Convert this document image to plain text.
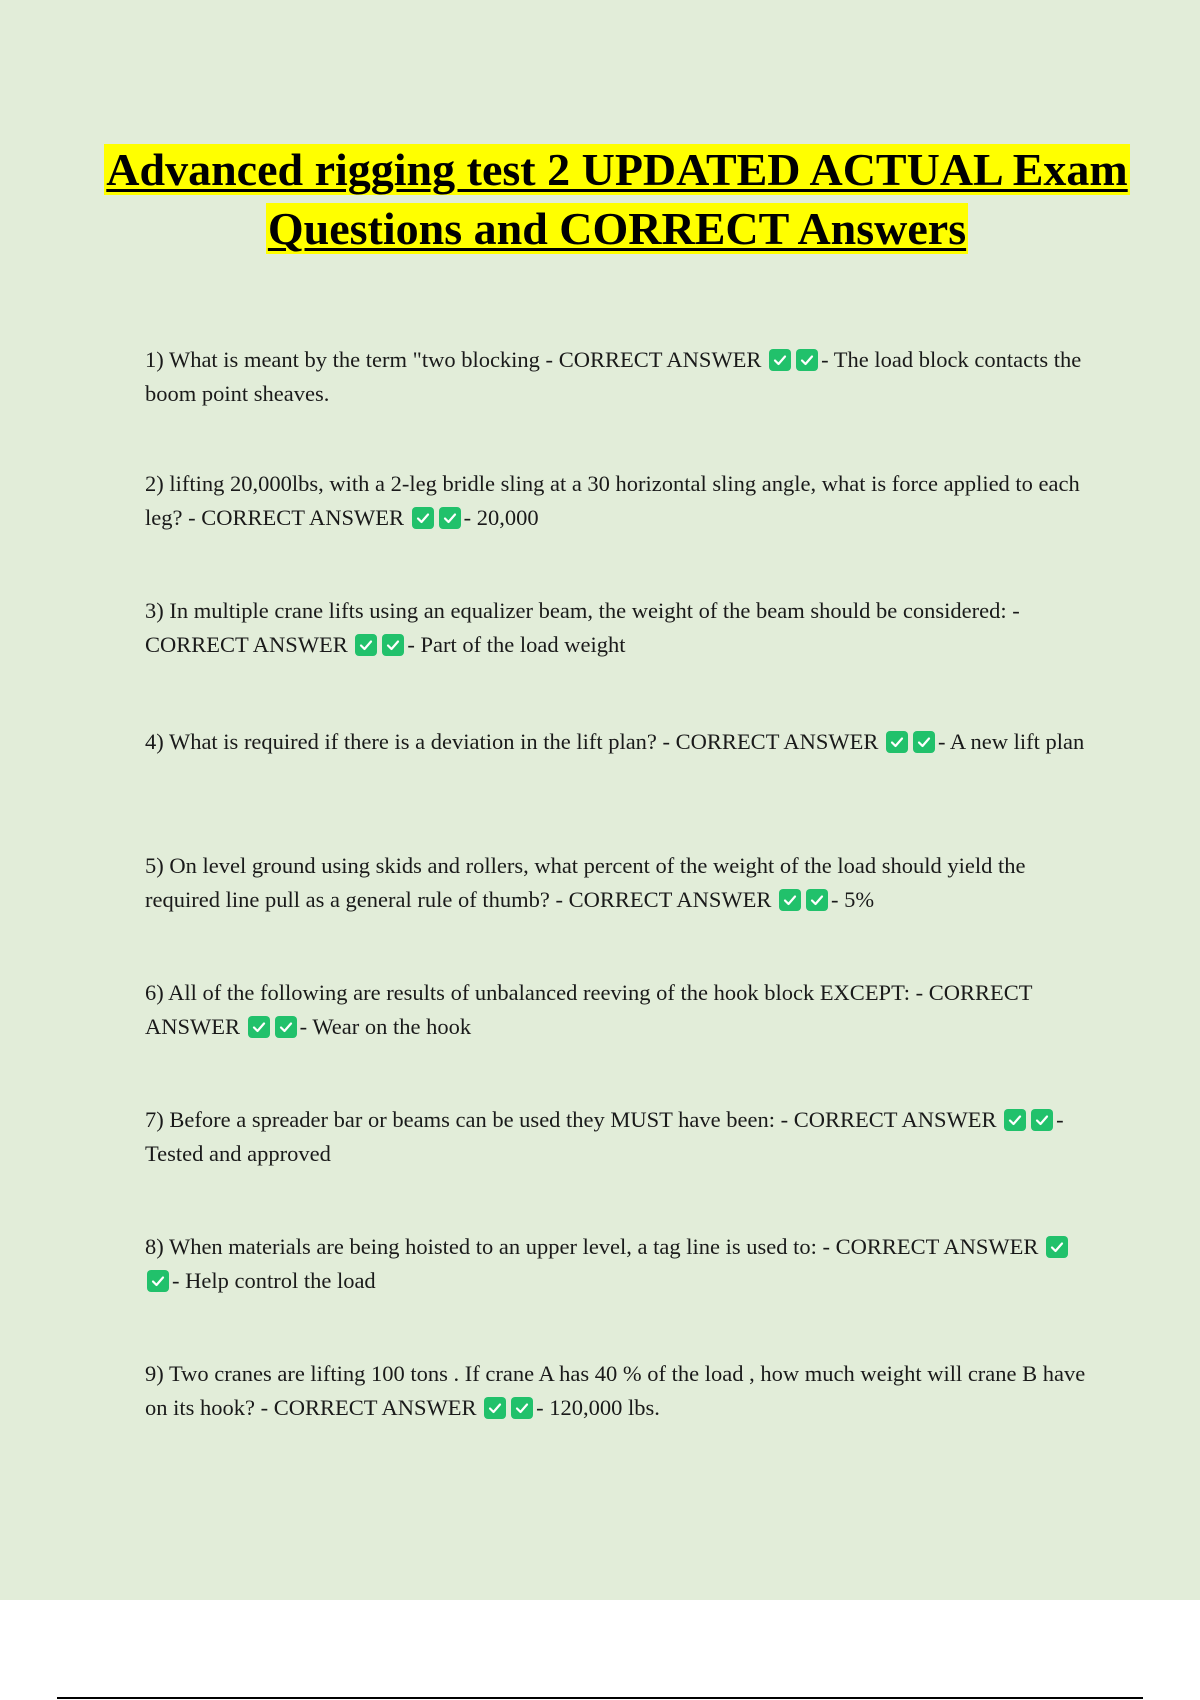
Advanced rigging test 2 UPDATED ACTUAL Exam Questions and CORRECT Answers
1) What is meant by the term "two blocking - CORRECT ANSWER	- The load block contacts the boom point sheaves.
2) lifting 20,000lbs, with a 2-leg bridle sling at a 30 horizontal sling angle, what is force applied to each leg? - CORRECT ANSWER	- 20,000
3) In multiple crane lifts using an equalizer beam, the weight of the beam should be considered: - CORRECT ANSWER	- Part of the load weight
4) What is required if there is a deviation in the lift plan? - CORRECT ANSWER	- A new lift plan
5) On level ground using skids and rollers, what percent of the weight of the load should yield the required line pull as a general rule of thumb? - CORRECT ANSWER	- 5%
6) All of the following are results of unbalanced reeving of the hook block EXCEPT: - CORRECT ANSWER	- Wear on the hook
7) Before a spreader bar or beams can be used they MUST have been: - CORRECT ANSWER	- Tested and approved
8) When materials are being hoisted to an upper level, a tag line is used to: - CORRECT ANSWER
- Help control the load
9) Two cranes are lifting 100 tons . If crane A has 40 % of the load , how much weight will crane B have on its hook? - CORRECT ANSWER	- 120,000 lbs.
